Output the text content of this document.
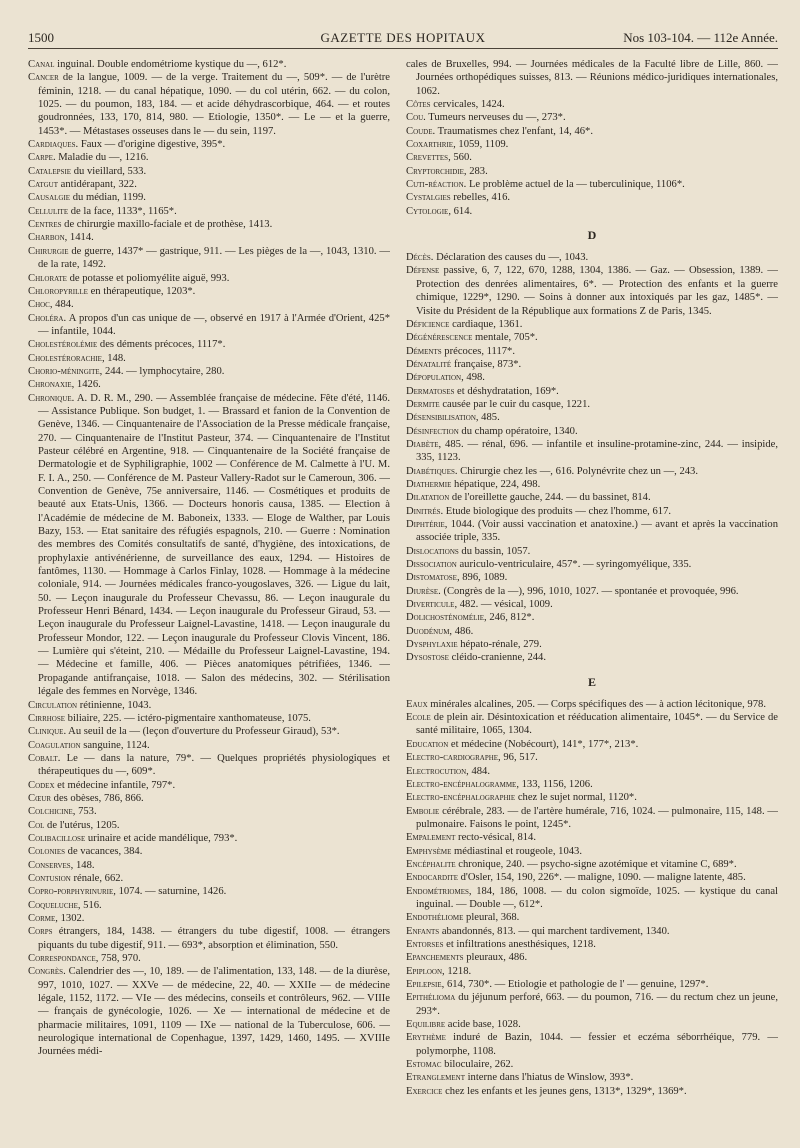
1500	GAZETTE DES HOPITAUX	Nos 103-104. — 112e Année.

Canal inguinal. Double endométriome kystique du —, 612*.

Cancer de la langue, 1009. — de la verge. Traitement du —, 509*. — de l'urètre féminin, 1218. — du canal hépatique, 1090. — du col utérin, 662. — du colon, 1025. — du poumon, 183, 184. — et acide déhydrascorbique, 464. — et routes goudronnées, 133, 170, 814, 980. — Etiologie, 1350*. — Le — et la guerre, 1453*. — Métastases osseuses dans le — du sein, 1197.

Cardiaques. Faux — d'origine digestive, 395*.

Carpe. Maladie du —, 1216.

Catalepsie du vieillard, 533.

Catgut antidérapant, 322.

Causalgie du médian, 1199.

Cellulite de la face, 1133*, 1165*.

Centres de chirurgie maxillo-faciale et de prothèse, 1413.

Charbon, 1414.

Chirurgie de guerre, 1437* — gastrique, 911. — Les pièges de la —, 1043, 1310. — de la rate, 1492.

Chlorate de potasse et poliomyélite aiguë, 993.

Chloropyrille en thérapeutique, 1203*.

Choc, 484.

Choléra. A propos d'un cas unique de —, observé en 1917 à l'Armée d'Orient, 425* — infantile, 1044.

Cholestérolémie des déments précoces, 1117*.

Cholestérorachie, 148.

Chorio-méningite, 244. — lymphocytaire, 280.

Chronaxie, 1426.

Chronique. A. D. R. M., 290. — Assemblée française de médecine. Fête d'été, 1146. — Assistance Publique. Son budget, 1. — Brassard et fanion de la Convention de Genève, 1346. — Cinquantenaire de l'Association de la Presse médicale française, 270. — Cinquantenaire de l'Institut Pasteur, 374. — Cinquantenaire de l'Institut Pasteur célébré en Argentine, 918. — Cinquantenaire de la Société française de Dermatologie et de Syphiligraphie, 1002 — Conférence de M. Calmette à l'U. M. F. I. A., 250. — Conférence de M. Pasteur Vallery-Radot sur le Cameroun, 306. — Convention de Genève, 75e anniversaire, 1146. — Cosmétiques et produits de beauté aux Etats-Unis, 1366. — Docteurs honoris causa, 1385. — Election à l'Académie de médecine de M. Baboneix, 1333. — Eloge de Walther, par Louis Bazy, 153. — Etat sanitaire des réfugiés espagnols, 210. — Guerre : Nomination des membres des Comités consultatifs de santé, d'hygiène, des intoxications, de prophylaxie antivénérienne, de surveillance des eaux, 1294. — Histoires de fantômes, 1130. — Hommage à Carlos Finlay, 1028. — Hommage à la médecine coloniale, 914. — Journées médicales franco-yougoslaves, 326. — Ligue du lait, 50. — Leçon inaugurale du Professeur Chevassu, 86. — Leçon inaugurale du Professeur Henri Bénard, 1434. — Leçon inaugurale du Professeur Giraud, 53. — Leçon inaugurale du Professeur Laignel-Lavastine, 1418. — Leçon inaugurale du Professeur Mondor, 122. — Leçon inaugurale du Professeur Clovis Vincent, 186. — Lumière qui s'éteint, 210. — Médaille du Professeur Laignel-Lavastine, 194. — Médecine et famille, 406. — Pièces anatomiques pétrifiées, 1346. — Propagande antifrançaise, 1018. — Salon des médecins, 302. — Stérilisation légale des femmes en Norvège, 1346.

Circulation rétinienne, 1043.

Cirrhose biliaire, 225. — ictéro-pigmentaire xanthomateuse, 1075.

Clinique. Au seuil de la — (leçon d'ouverture du Professeur Giraud), 53*.

Coagulation sanguine, 1124.

Cobalt. Le — dans la nature, 79*. — Quelques propriétés physiologiques et thérapeutiques du —, 609*.

Codex et médecine infantile, 797*.

Cœur des obèses, 786, 866.

Colchicine, 753.

Col de l'utérus, 1205.

Colibacillose urinaire et acide mandélique, 793*.

Colonies de vacances, 384.

Conserves, 148.

Contusion rénale, 662.

Copro-porphyrinurie, 1074. — saturnine, 1426.

Coqueluche, 516.

Corme, 1302.

Corps étrangers, 184, 1438. — étrangers du tube digestif, 1008. — étrangers piquants du tube digestif, 911. — 693*, absorption et élimination, 550.

Correspondance, 758, 970.

Congrès. Calendrier des —, 10, 189. — de l'alimentation, 133, 148. — de la diurèse, 997, 1010, 1027. — XXVe — de médecine, 22, 40. — XXIIe — de médecine légale, 1152, 1172. — VIe — des médecins, conseils et contrôleurs, 962. — VIIIe — français de gynécologie, 1026. — Xe — international de médecine et de pharmacie militaires, 1091, 1109 — IXe — national de la Tuberculose, 606. — neurologique international de Copenhague, 1397, 1429, 1460, 1495. — XVIIIe Journées médi-

cales de Bruxelles, 994. — Journées médicales de la Faculté libre de Lille, 860. — Journées orthopédiques suisses, 813. — Réunions médico-juridiques internationales, 1062.

Côtes cervicales, 1424.

Cou. Tumeurs nerveuses du —, 273*.

Coude. Traumatismes chez l'enfant, 14, 46*.

Coxarthrie, 1059, 1109.

Crevettes, 560.

Cryptorchidie, 283.

Cuti-réaction. Le problème actuel de la — tuberculinique, 1106*.

Cystalgies rebelles, 416.

Cytologie, 614.

D

Décès. Déclaration des causes du —, 1043.

Défense passive, 6, 7, 122, 670, 1288, 1304, 1386. — Gaz. — Obsession, 1389. — Protection des denrées alimentaires, 6*. — Protection des enfants et la guerre chimique, 1229*, 1290. — Soins à donner aux intoxiqués par les gaz, 1485*. — Visite du Président de la République aux formations Z de Paris, 1345.

Déficience cardiaque, 1361.

Dégénérescence mentale, 705*.

Déments précoces, 1117*.

Dénatalité française, 873*.

Dépopulation, 498.

Dermatoses et déshydratation, 169*.

Dermite causée par le cuir du casque, 1221.

Désensibilisation, 485.

Désinfection du champ opératoire, 1340.

Diabète, 485. — rénal, 696. — infantile et insuline-protamine-zinc, 244. — insipide, 335, 1123.

Diabétiques. Chirurgie chez les —, 616. Polynévrite chez un —, 243.

Diathermie hépatique, 224, 498.

Dilatation de l'oreillette gauche, 244. — du bassinet, 814.

Dinitrés. Etude biologique des produits — chez l'homme, 617.

Diphtérie, 1044. (Voir aussi vaccination et anatoxine.) — avant et après la vaccination associée triple, 335.

Dislocations du bassin, 1057.

Dissociation auriculo-ventriculaire, 457*. — syringomyélique, 335.

Distomatose, 896, 1089.

Diurèse. (Congrès de la —), 996, 1010, 1027. — spontanée et provoquée, 996.

Diverticule, 482. — vésical, 1009.

Dolichosténomélie, 246, 812*.

Duodénum, 486.

Dysphylaxie hépato-rénale, 279.

Dysostose cléido-cranienne, 244.

E

Eaux minérales alcalines, 205. — Corps spécifiques des — à action lécitonique, 978.

Ecole de plein air. Désintoxication et rééducation alimentaire, 1045*. — du Service de santé militaire, 1065, 1304.

Education et médecine (Nobécourt), 141*, 177*, 213*.

Electro-cardiographe, 96, 517.

Electrocution, 484.

Electro-encéphalogramme, 133, 1156, 1206.

Electro-encéphalographie chez le sujet normal, 1120*.

Embolie cérébrale, 283. — de l'artère humérale, 716, 1024. — pulmonaire, 115, 148. — pulmonaire. Faisons le point, 1245*.

Empalement recto-vésical, 814.

Emphysème médiastinal et rougeole, 1043.

Encéphalite chronique, 240. — psycho-signe azotémique et vitamine C, 689*.

Endocardite d'Osler, 154, 190, 226*. — maligne, 1090. — maligne latente, 485.

Endométriomes, 184, 186, 1008. — du colon sigmoïde, 1025. — kystique du canal inguinal. — Double —, 612*.

Endothéliome pleural, 368.

Enfants abandonnés, 813. — qui marchent tardivement, 1340.

Entorses et infiltrations anesthésiques, 1218.

Epanchements pleuraux, 486.

Epiploon, 1218.

Epilepsie, 614, 730*. — Etiologie et pathologie de l' — genuine, 1297*.

Epithélioma du jéjunum perforé, 663. — du poumon, 716. — du rectum chez un jeune, 293*.

Equilibre acide base, 1028.

Erythème induré de Bazin, 1044. — fessier et eczéma séborrhéique, 779. — polymorphe, 1108.

Estomac biloculaire, 262.

Etranglement interne dans l'hiatus de Winslow, 393*.

Exercice chez les enfants et les jeunes gens, 1313*, 1329*, 1369*.
